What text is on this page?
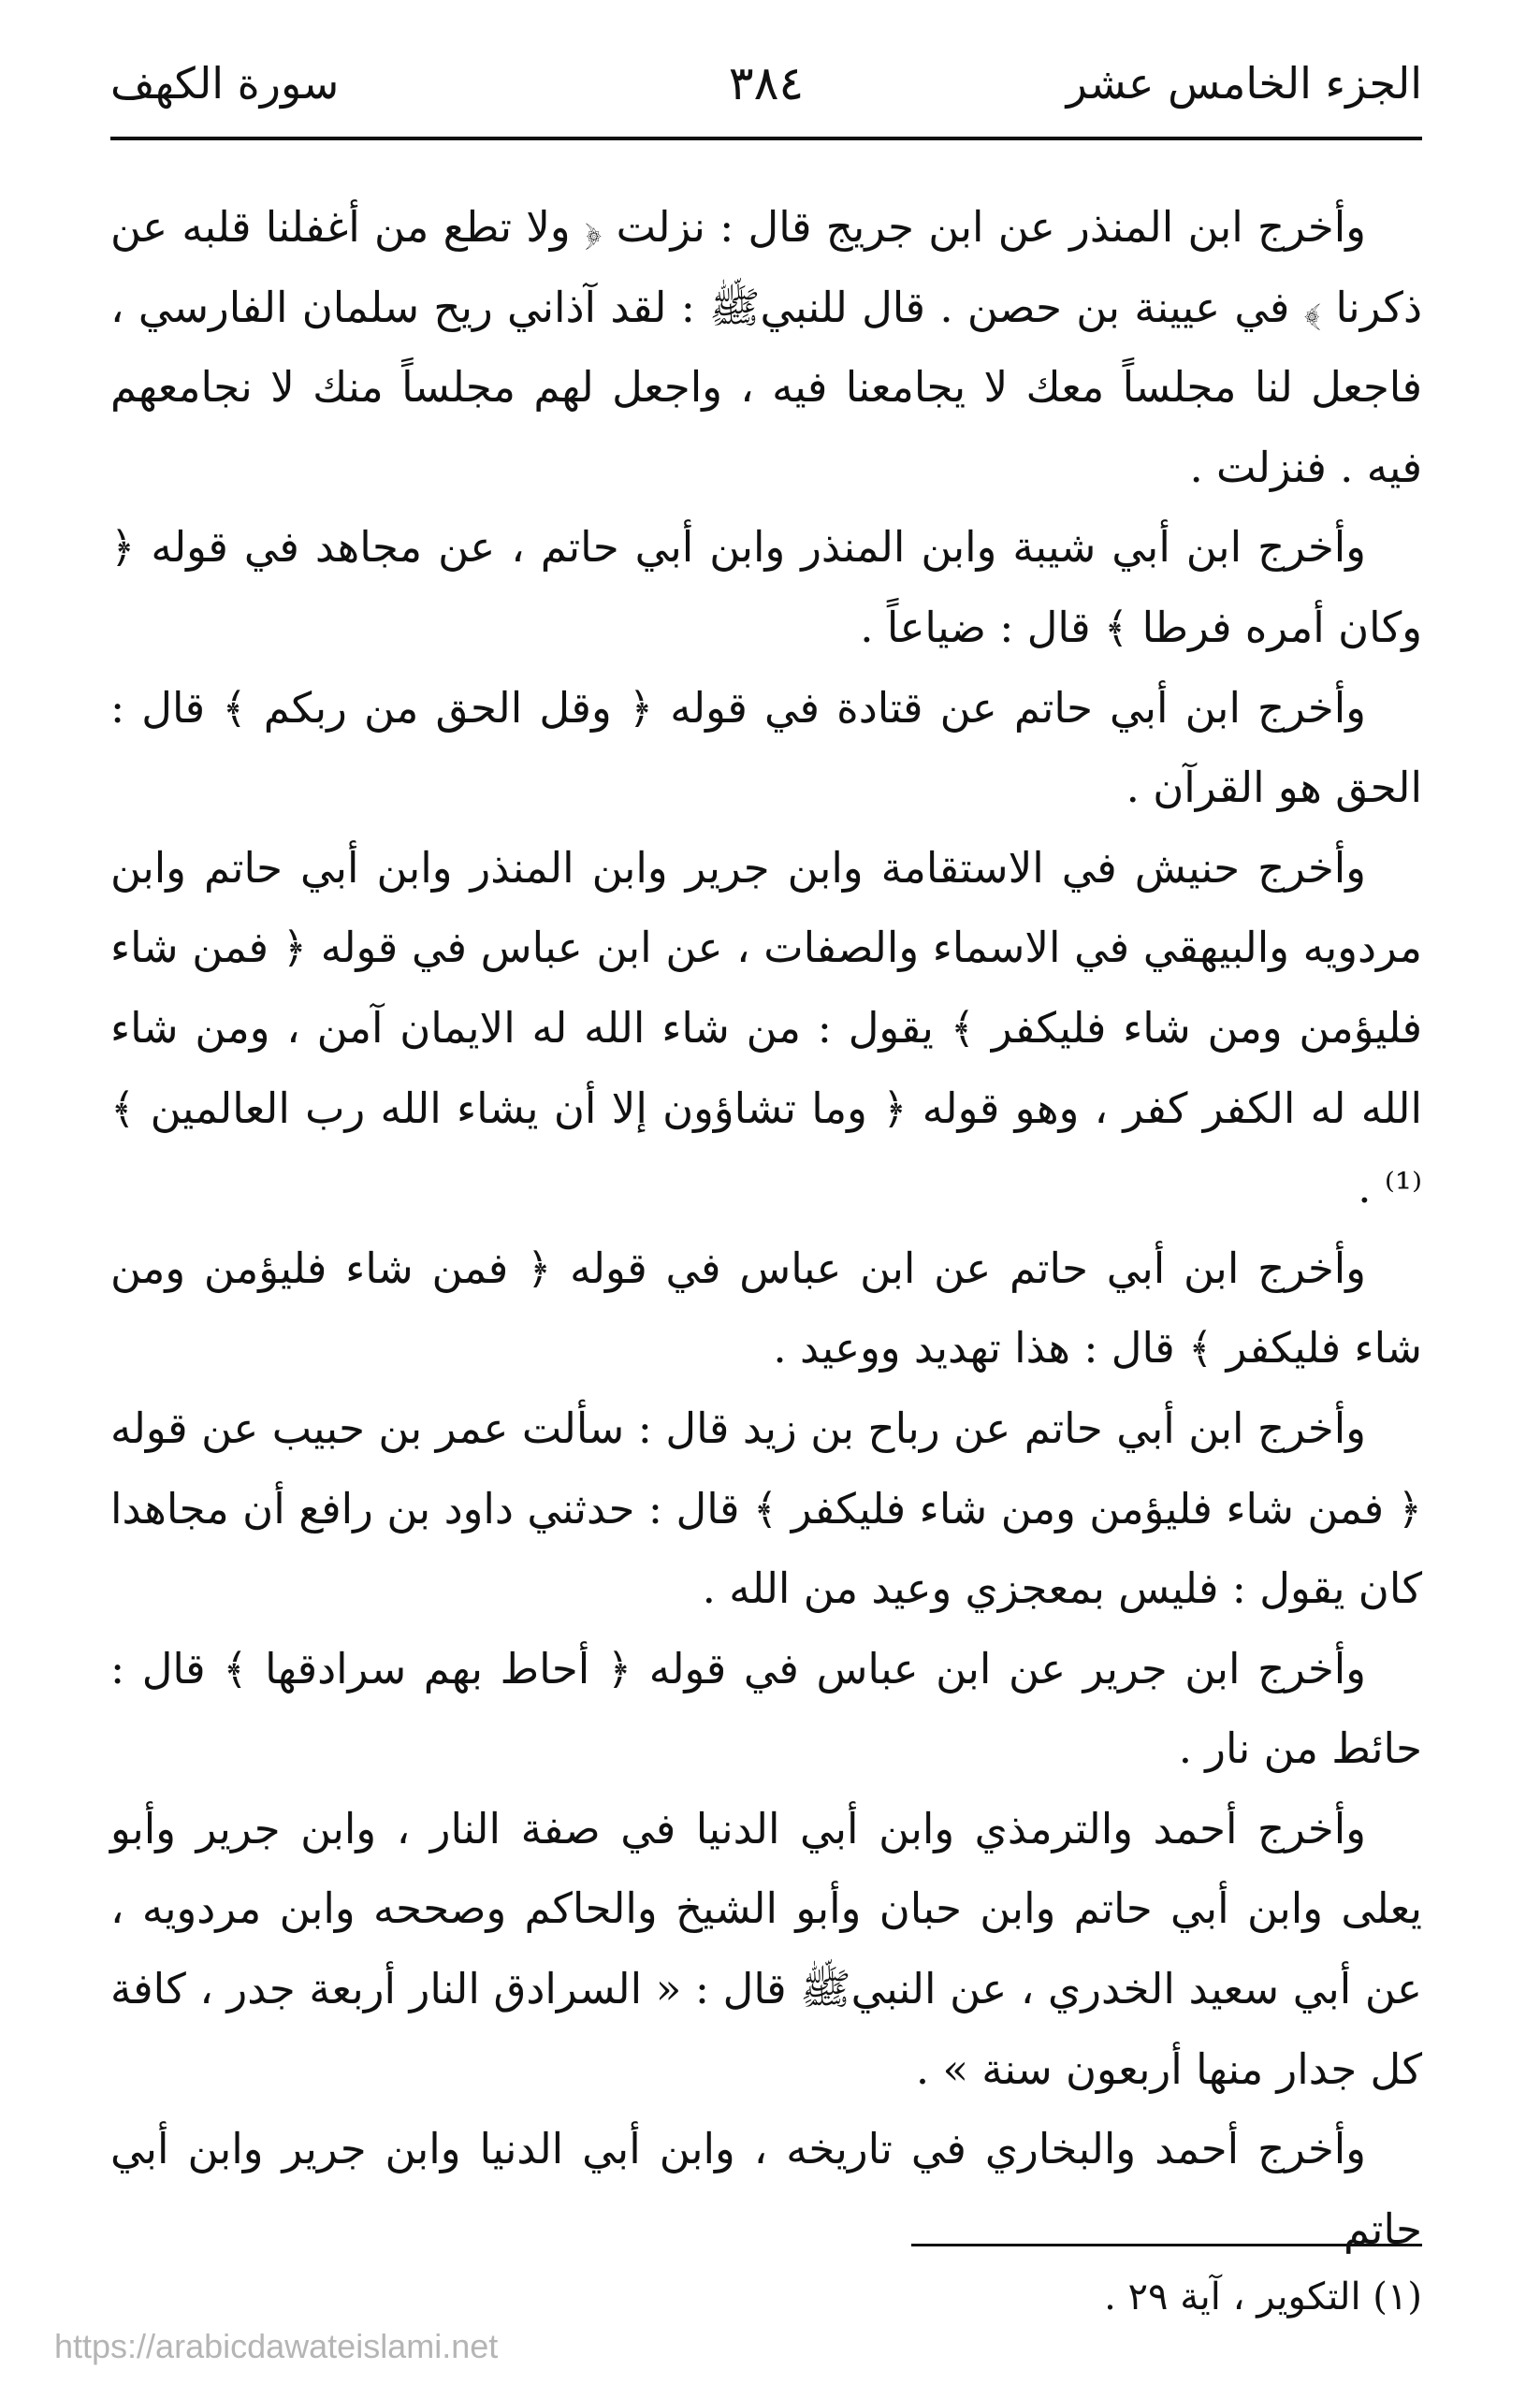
الجزء الخامس عشر
٣٨٤
سورة الكهف

وأخرج ابن المنذر عن ابن جريج قال : نزلت ﴿ ولا تطع من أغفلنا قلبه عن ذكرنا ﴾ في عيينة بن حصن . قال للنبيﷺ : لقد آذاني ريح سلمان الفارسي ، فاجعل لنا مجلساً معك لا يجامعنا فيه ، واجعل لهم مجلساً منك لا نجامعهم فيه . فنزلت .

وأخرج ابن أبي شيبة وابن المنذر وابن أبي حاتم ، عن مجاهد في قوله ﴿ وكان أمره فرطا ﴾ قال : ضياعاً .

وأخرج ابن أبي حاتم عن قتادة في قوله ﴿ وقل الحق من ربكم ﴾ قال : الحق هو القرآن .

وأخرج حنيش في الاستقامة وابن جرير وابن المنذر وابن أبي حاتم وابن مردويه والبيهقي في الاسماء والصفات ، عن ابن عباس في قوله ﴿ فمن شاء فليؤمن ومن شاء فليكفر ﴾ يقول : من شاء الله له الايمان آمن ، ومن شاء الله له الكفر كفر ، وهو قوله ﴿ وما تشاؤون إلا أن يشاء الله رب العالمين ﴾ ⁽¹⁾ .

وأخرج ابن أبي حاتم عن ابن عباس في قوله ﴿ فمن شاء فليؤمن ومن شاء فليكفر ﴾ قال : هذا تهديد ووعيد .

وأخرج ابن أبي حاتم عن رباح بن زيد قال : سألت عمر بن حبيب عن قوله ﴿ فمن شاء فليؤمن ومن شاء فليكفر ﴾ قال : حدثني داود بن رافع أن مجاهدا كان يقول : فليس بمعجزي وعيد من الله .

وأخرج ابن جرير عن ابن عباس في قوله ﴿ أحاط بهم سرادقها ﴾ قال : حائط من نار .

وأخرج أحمد والترمذي وابن أبي الدنيا في صفة النار ، وابن جرير وأبو يعلى وابن أبي حاتم وابن حبان وأبو الشيخ والحاكم وصححه وابن مردويه ، عن أبي سعيد الخدري ، عن النبيﷺ قال : « السرادق النار أربعة جدر ، كافة كل جدار منها أربعون سنة » .

وأخرج أحمد والبخاري في تاريخه ، وابن أبي الدنيا وابن جرير وابن أبي حاتم

(١) التكوير ، آية ٢٩ .
https://arabicdawateislami.net
